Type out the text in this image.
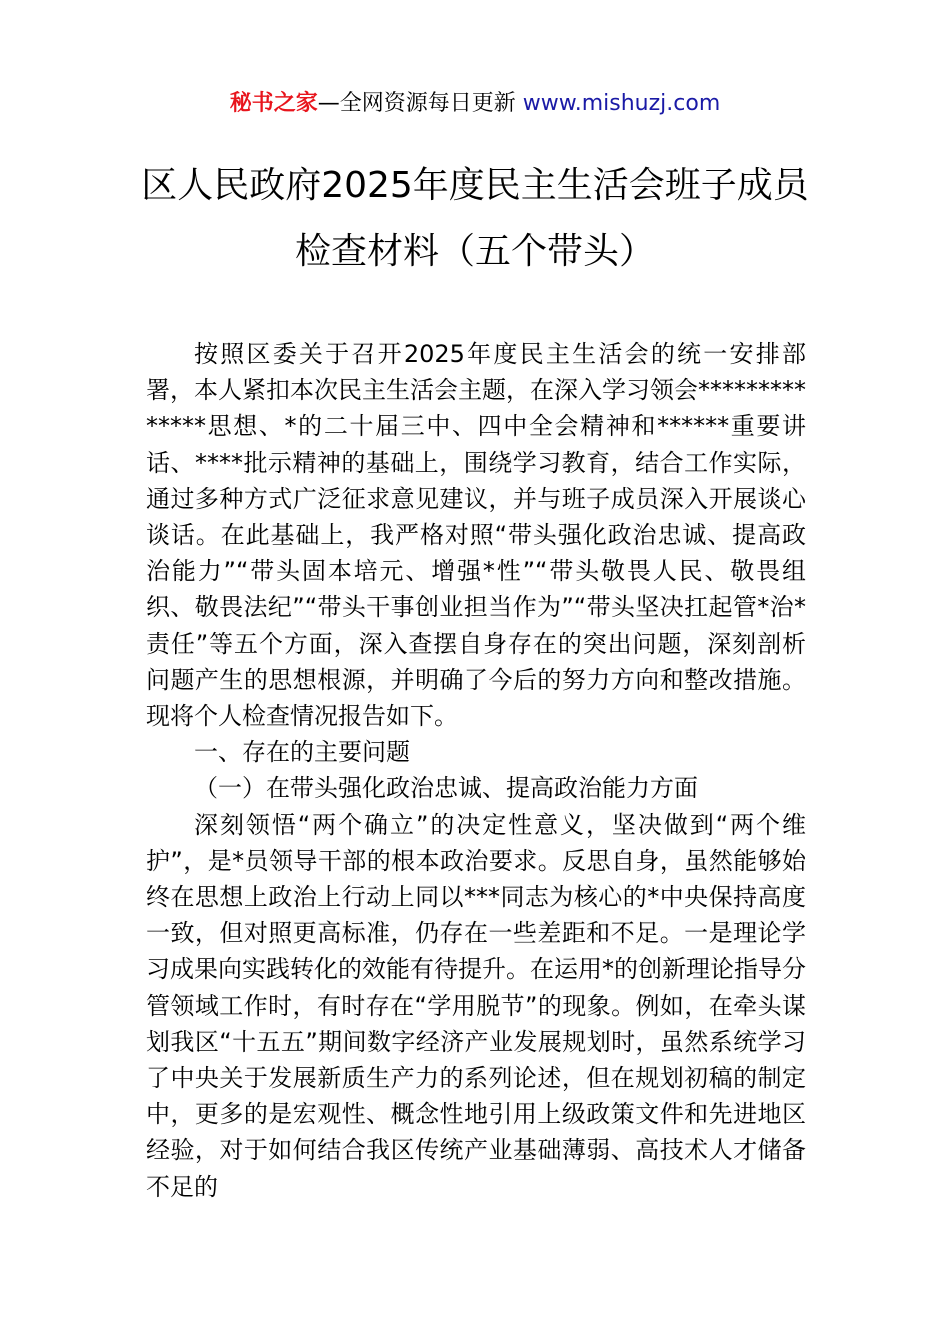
秘书之家—全网资源每日更新 www.mishuzj.com
区人民政府2025年度民主生活会班子成员
检查材料（五个带头）

按照区委关于召开2025年度民主生活会的统一安排部署，本人紧扣本次民主生活会主题，在深入学习领会**************思想、*的二十届三中、四中全会精神和******重要讲话、****批示精神的基础上，围绕学习教育，结合工作实际，通过多种方式广泛征求意见建议，并与班子成员深入开展谈心谈话。在此基础上，我严格对照“带头强化政治忠诚、提高政治能力”“带头固本培元、增强*性”“带头敬畏人民、敬畏组织、敬畏法纪”“带头干事创业担当作为”“带头坚决扛起管*治*责任”等五个方面，深入查摆自身存在的突出问题，深刻剖析问题产生的思想根源，并明确了今后的努力方向和整改措施。现将个人检查情况报告如下。

一、存在的主要问题

（一）在带头强化政治忠诚、提高政治能力方面

深刻领悟“两个确立”的决定性意义，坚决做到“两个维护”，是*员领导干部的根本政治要求。反思自身，虽然能够始终在思想上政治上行动上同以***同志为核心的*中央保持高度一致，但对照更高标准，仍存在一些差距和不足。一是理论学习成果向实践转化的效能有待提升。在运用*的创新理论指导分管领域工作时，有时存在“学用脱节”的现象。例如，在牵头谋划我区“十五五”期间数字经济产业发展规划时，虽然系统学习了中央关于发展新质生产力的系列论述，但在规划初稿的制定中，更多的是宏观性、概念性地引用上级政策文件和先进地区经验，对于如何结合我区传统产业基础薄弱、高技术人才储备不足的
